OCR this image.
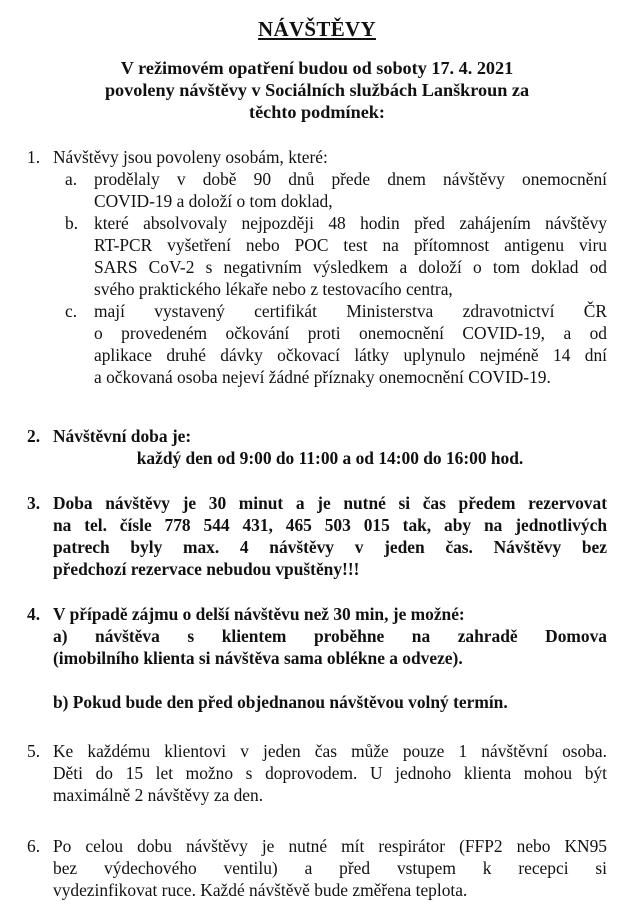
NÁVŠTĚVY
V režimovém opatření budou od soboty 17. 4. 2021
povoleny návštěvy v Sociálních službách Lanškroun za
těchto podmínek:
1. Návštěvy jsou povoleny osobám, které:
a. prodělaly v době 90 dnů přede dnem návštěvy onemocnění
COVID-19 a doloží o tom doklad,
b. které absolvovaly nejpozději 48 hodin před zahájením návštěvy
RT-PCR vyšetření nebo POC test na přítomnost antigenu viru
SARS CoV-2 s negativním výsledkem a doloží o tom doklad od
svého praktického lékaře nebo z testovacího centra,
c. mají vystavený certifikát Ministerstva zdravotnictví ČR
o provedeném očkování proti onemocnění COVID-19, a od
aplikace druhé dávky očkovací látky uplynulo nejméně 14 dní
a očkovaná osoba nejeví žádné příznaky onemocnění COVID-19.
2. Návštěvní doba je:
každý den od 9:00 do 11:00 a od 14:00 do 16:00 hod.
3. Doba návštěvy je 30 minut a je nutné si čas předem rezervovat
na tel. čísle 778 544 431, 465 503 015 tak, aby na jednotlivých
patrech byly max. 4 návštěvy v jeden čas. Návštěvy bez
předchozí rezervace nebudou vpuštěny!!!
4. V případě zájmu o delší návštěvu než 30 min, je možné:
a) návštěva s klientem proběhne na zahradě Domova
(imobilního klienta si návštěva sama oblékne a odveze).
b) Pokud bude den před objednanou návštěvou volný termín.
5. Ke každému klientovi v jeden čas může pouze 1 návštěvní osoba.
Děti do 15 let možno s doprovodem. U jednoho klienta mohou být
maximálně 2 návštěvy za den.
6. Po celou dobu návštěvy je nutné mít respirátor (FFP2 nebo KN95
bez výdechového ventilu) a před vstupem k recepci si
vydezinfikovat ruce. Každé návštěvě bude změřena teplota.
